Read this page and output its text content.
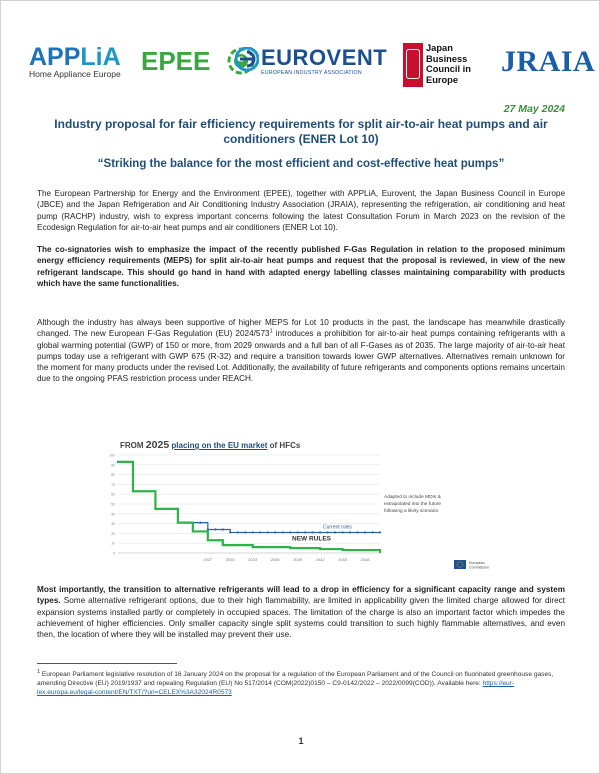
APPLiA
Home Appliance Europe EPEE EUROVENT
EUROPEAN INDUSTRY ASSOCIATION
Japan
Business
Council in
Europe
JRAIA
27 May 2024
Industry proposal for fair efficiency requirements for split air-to-air heat pumps and air conditioners (ENER Lot 10)
“Striking the balance for the most efficient and cost-effective heat pumps”
The European Partnership for Energy and the Environment (EPEE), together with APPLiA, Eurovent, the Japan Business Council in Europe (JBCE) and the Japan Refrigeration and Air Conditioning Industry Association (JRAIA), representing the refrigeration, air conditioning and heat pump (RACHP) industry, wish to express important concerns following the latest Consultation Forum in March 2023 on the revision of the Ecodesign Regulation for air-to-air heat pumps and air conditioners (ENER Lot 10).
The co-signatories wish to emphasize the impact of the recently published F-Gas Regulation in relation to the proposed minimum energy efficiency requirements (MEPS) for split air-to-air heat pumps and request that the proposal is reviewed, in view of the new refrigerant landscape. This should go hand in hand with adapted energy labelling classes maintaining comparability with products which have the same functionalities.
Although the industry has always been supportive of higher MEPS for Lot 10 products in the past, the landscape has meanwhile drastically changed. The new European F-Gas Regulation (EU) $2024/573^1$ introduces a prohibition for air-to-air heat pumps containing refrigerants with a global warming potential (GWP) of 150 or more, from 2029 onwards and a full ban of all F-Gases as of 2035. The large majority of air-to-air heat pumps today use a refrigerant with GWP 675 (R-32) and require a transition towards lower GWP alternatives. Alternatives remain unknown for the moment for many products under the revised Lot. Additionally, the availability of future refrigerants and components options remains uncertain due to the ongoing PFAS restriction process under REACH.
FROM 2025 placing on the EU market of HFCs
100
90
80
70
60
50
40
30
20
10
0
2027	2030	2033	2036	2039	2042	2045	2048
Current rules
NEW RULES
Adapted to include MDIs &
extrapolated into the future
following a likely scenario
European
Commission
Most importantly, the transition to alternative refrigerants will lead to a drop in efficiency for a significant capacity range and system types. Some alternative refrigerant options, due to their high flammability, are limited in applicability given the limited charge allowed for direct expansion systems installed partly or completely in occupied spaces. The limitation of the charge is also an important factor which impedes the achievement of higher efficiencies. Only smaller capacity single split systems could transition to such highly flammable alternatives, and even then, the location of where they will be installed may prevent their use.
$^1$ European Parliament legislative resolution of 16 January 2024 on the proposal for a regulation of the European Parliament and of the Council on fluorinated greenhouse gases, amending Directive (EU) 2019/1937 and repealing Regulation (EU) No 517/2014 (COM(2022)0150 – C9-0142/2022 – 2022/0099(COD)). Available here: https://eur-lex.europa.eu/legal-content/EN/TXT/?uri=CELEX%3A32024R0573
1
